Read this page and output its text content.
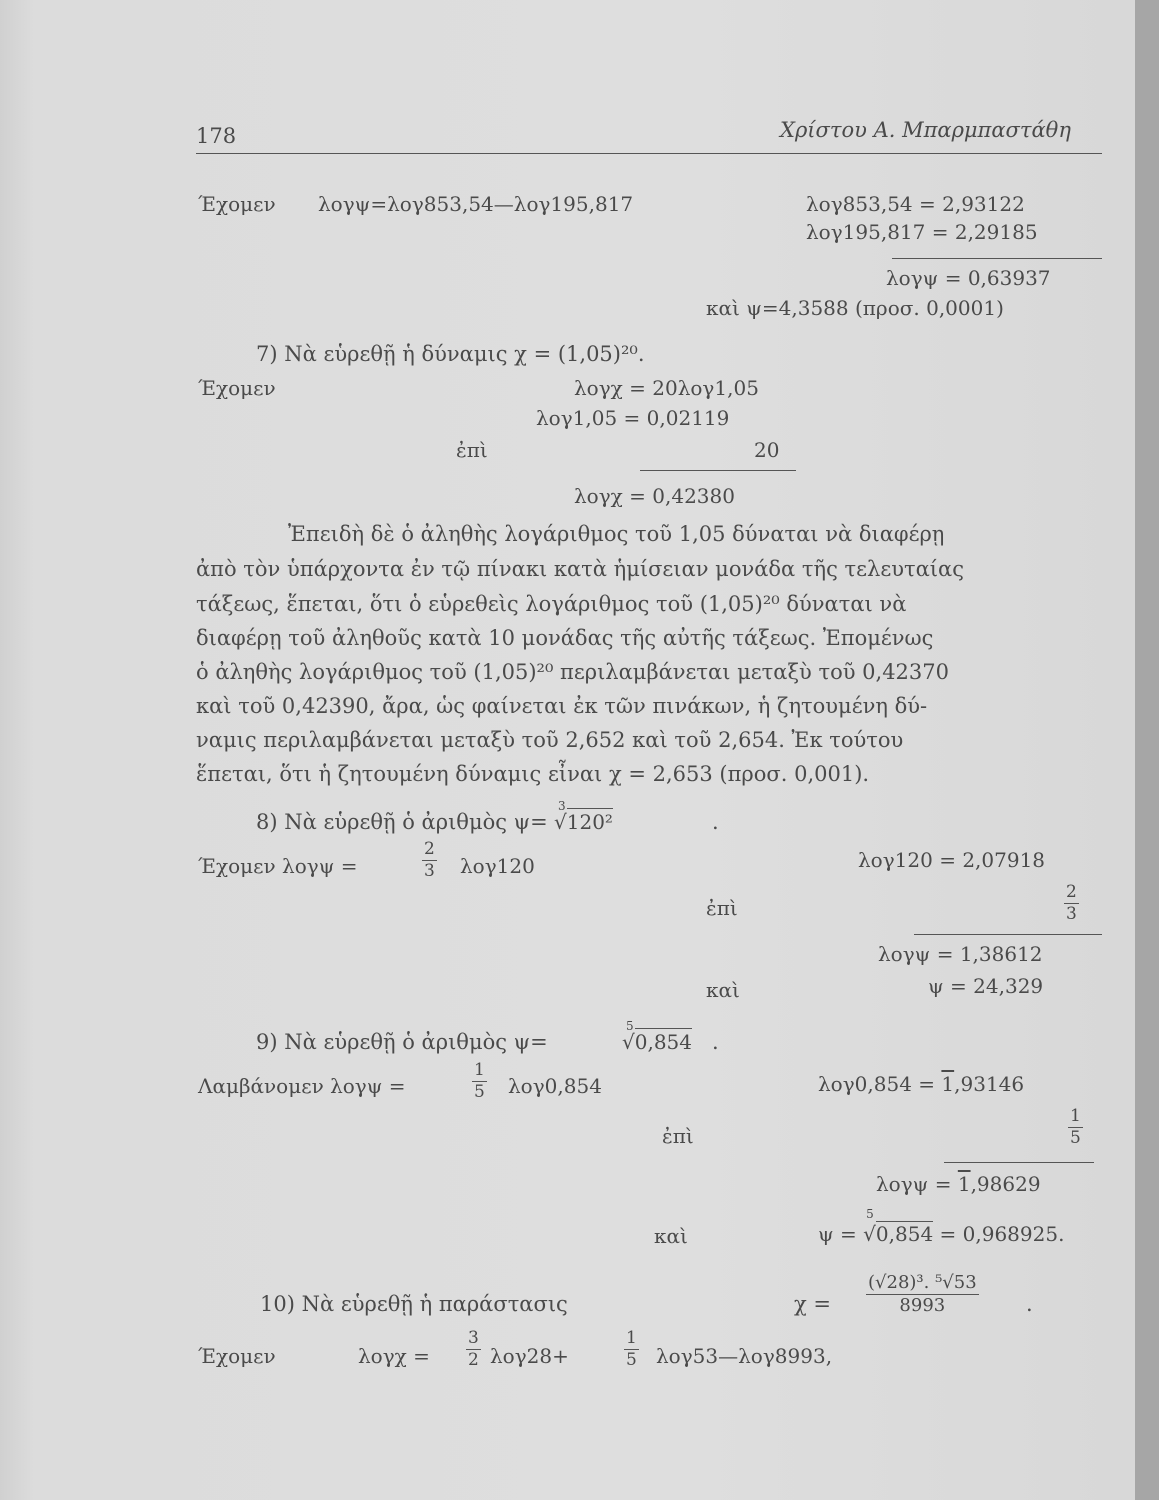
178	Χρίστου Α. Μπαρμπαστάθη
Έχομεν λογψ=λογ853,54—λογ195,817	λογ853,54 = 2,93122
λογ195,817 = 2,29185
λογψ = 0,63937
καὶ ψ=4,3588 (προσ. 0,0001)
7) Νὰ εὑρεθῇ ἡ δύναμις χ = (1,05)²⁰.
Έχομεν	λογχ = 20λογ1,05
λογ1,05 = 0,02119
ἐπὶ	20
λογχ = 0,42380
Ἐπειδὴ δὲ ὁ ἀληθὴς λογάριθμος τοῦ 1,05 δύναται νὰ διαφέρῃ
ἀπὸ τὸν ὑπάρχοντα ἐν τῷ πίνακι κατὰ ἡμίσειαν μονάδα τῆς τελευταίας
τάξεως, ἕπεται, ὅτι ὁ εὑρεθεὶς λογάριθμος τοῦ (1,05)²⁰ δύναται νὰ
διαφέρῃ τοῦ ἀληθοῦς κατὰ 10 μονάδας τῆς αὐτῆς τάξεως. Ἐπομένως
ὁ ἀληθὴς λογάριθμος τοῦ (1,05)²⁰ περιλαμβάνεται μεταξὺ τοῦ 0,42370
καὶ τοῦ 0,42390, ἄρα, ὡς φαίνεται ἐκ τῶν πινάκων, ἡ ζητουμένη δύ-
ναμις περιλαμβάνεται μεταξὺ τοῦ 2,652 καὶ τοῦ 2,654. Ἐκ τούτου
ἕπεται, ὅτι ἡ ζητουμένη δύναμις εἶναι χ = 2,653 (προσ. 0,001).
8) Νὰ εὑρεθῇ ὁ ἀριθμὸς ψ=
3
√120²	.
Έχομεν λογψ =	$\frac{2}{3} \lambda o\gamma 120$	λογ120 = 2,07918
ἐπὶ	$\frac{2}{3}$
λογψ = 1,38612
καὶ	ψ = 24,329
9) Νὰ εὑρεθῇ ὁ ἀριθμὸς ψ=
5
√0,854 .
Λαμβάνομεν λογψ =	$\frac{1}{5} \lambda o\gamma 0,854$	λογ0,854 = 1,93146
ἐπὶ	$\frac{1}{5}$
λογψ = 1,98629
καὶ	ψ =
5
√0,854 = 0,968925.
10) Νὰ εὑρεθῇ ἡ παράστασις	$\chi = \frac{\text{(√28)³. ⁵√53}}{8993}$ .
Έχομεν	$\lambda o\gamma\chi = \frac{3}{2} \lambda o\gamma 28+$	$\frac{1}{5}$ λογ53—λογ8993,
